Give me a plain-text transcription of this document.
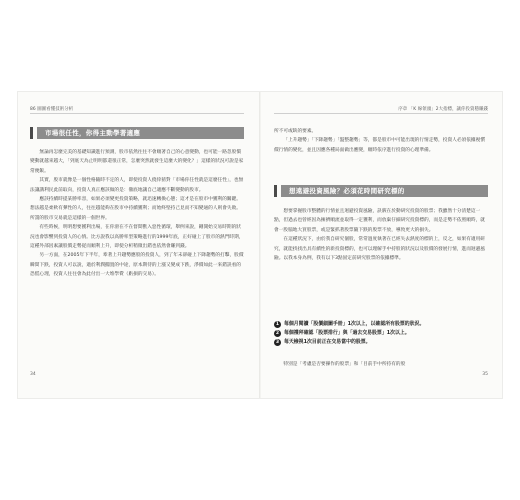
86 圖圖看懂技術分析
市場很任性，你得主動學著適應

無論再怎麼完美的基礎知識進行預測，股市依然往往不會順著自己的心意變動，也可能一路忽股價變動就越來越大，「到底天為止明明都還很正常，怎麼突然就發生這麼大的變化？」這樣的狀況可說是家常便飯。

其實，股市就像是一個性格隨時不定的人，即使投資人僥倖猜對「市場你任性就是這麼任性」，也無法讓講利民此前取向，投資人真正應該做的是：徹底地讓自己適應不斷變動的股市。

應該持續時提某勝率容，如果必須變更投資策略，就迅速轉換心態；這才是在股市中獲利的關鍵。想法越是柔軟有彈性的人，往往越能夠在股市中持續獲利；而始終堅持己見而不知變通的人則會失敗。所謂的股市交易就是這樣的一個世界。

有些時候，明明想要獲利出場，在你滑在不在督間獸入惡性循環，舉例來說，剛開始交易時期的狀況也會影響到投資人的心情。比方說我以高勝率型策略進行的1999年底，正好碰上了股市的熱門時期，這種外部因素讓股價走勢從而順利上升，即使分析稍微出錯也依然會賺到錢。

另一方面，在2005年下半年，牽著上升趨勢應股的投資人，到了年末卻碰上下降趨勢的打擊，股價瞬間下跌，投資人可以說，適於利潤擱置的中途，原本期待的上漲又變成下跌，淨價如此一來錯誤看的恐慌心理，投資人往往會為此付出一大堆學費（虧損的交易）。

34
序章 「K 線領頭」2大指標，讓你投資穩賺錢

所不可或缺的要素。

「上升趨勢」「下降趨勢」「盤整趨勢」等，都是股市中可能出現的行情走勢，投資人必須依據視慣價行情的變化，並且因應各種局面做出應變，順時依序進行投資的心理準備。

想遠避投資風險？必須花時間研究標的

想要掌握股市整體的行情並且迴避投資風險，訣竅在於動研究投資的股票；我雖然十分清楚這一點，但過去也曾經因為擁擠順流並取得一定獲利，而放棄仔細研究投資標的，而是走勢不依照順時，就會一股腦地大買股票，或是緊抓著股票隨下跌的股票不放，導致更大的損失。

在這種狀況下，由於我自研究個股，常常過度執著在已經失去熱度的標的上，反之，如果有適用研究，就能找找出具有續性的新投資標的，也可以理解手中持股的狀況以及股價的發展行情，進而迴避風險。以我本身為例，我有以下3點固定前研究股票的依據標準。

1	每個月閱讀「股價細圖手冊」1次以上，以確認所有股票的狀況。
2	每個禮拜確認「股票排行」與「過去交易股票」1次以上。
3	每天檢視1次目前正在交易當中的股票。

特別是「考慮是否要操作的股票」和「目前手中所持有的股

35
